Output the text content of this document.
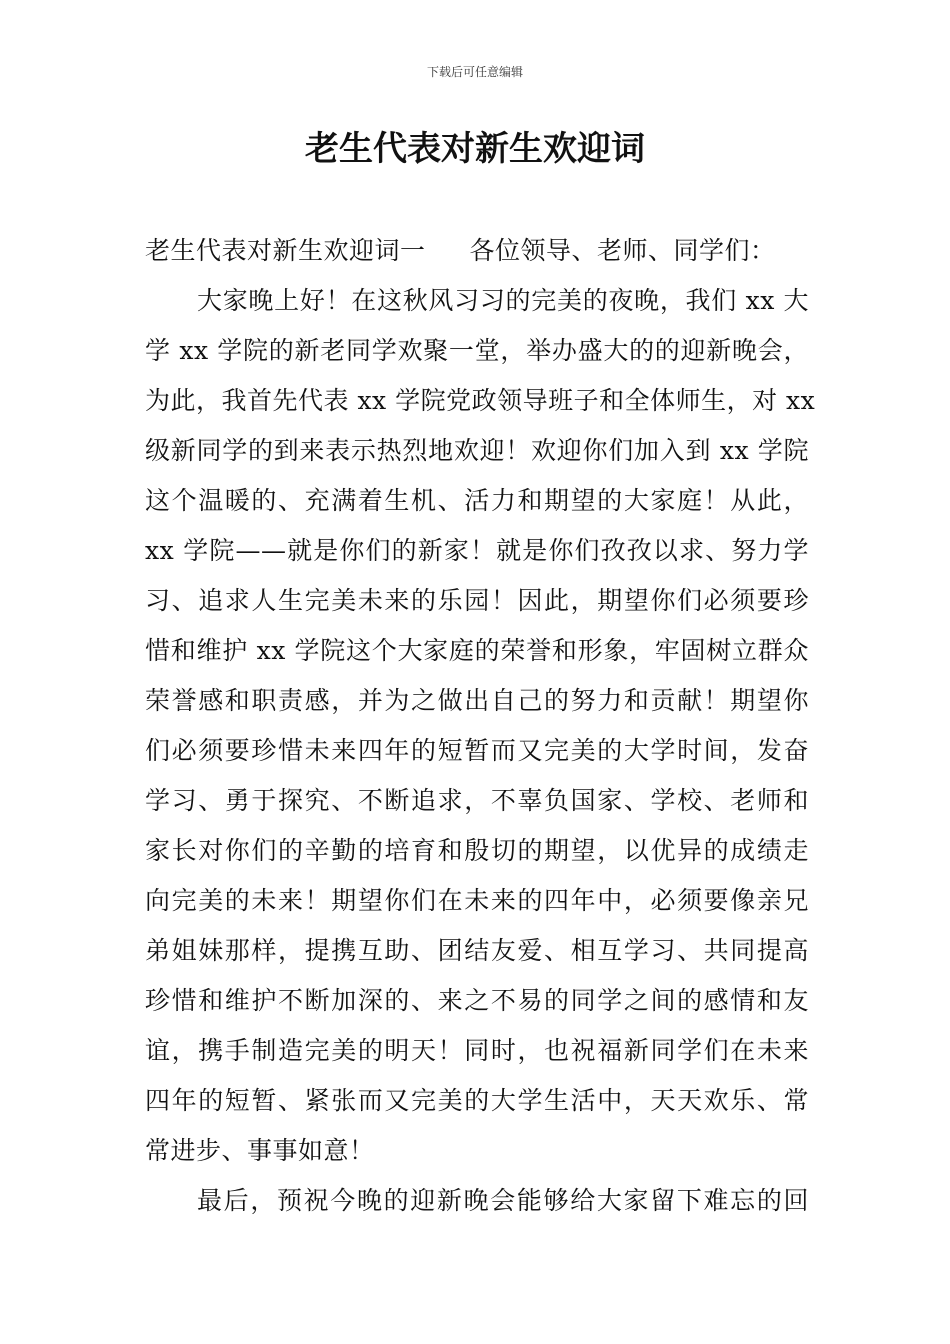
下载后可任意编辑
老生代表对新生欢迎词
老生代表对新生欢迎词一 各位领导、老师、同学们：
大家晚上好！在这秋风习习的完美的夜晚，我们 xx 大
学 xx 学院的新老同学欢聚一堂，举办盛大的的迎新晚会，
为此，我首先代表 xx 学院党政领导班子和全体师生，对 xx
级新同学的到来表示热烈地欢迎！欢迎你们加入到 xx 学院
这个温暖的、充满着生机、活力和期望的大家庭！从此，
xx 学院——就是你们的新家！就是你们孜孜以求、努力学
习、追求人生完美未来的乐园！因此，期望你们必须要珍
惜和维护 xx 学院这个大家庭的荣誉和形象，牢固树立群众
荣誉感和职责感，并为之做出自己的努力和贡献！期望你
们必须要珍惜未来四年的短暂而又完美的大学时间，发奋
学习、勇于探究、不断追求，不辜负国家、学校、老师和
家长对你们的辛勤的培育和殷切的期望，以优异的成绩走
向完美的未来！期望你们在未来的四年中，必须要像亲兄
弟姐妹那样，提携互助、团结友爱、相互学习、共同提高
珍惜和维护不断加深的、来之不易的同学之间的感情和友
谊，携手制造完美的明天！同时，也祝福新同学们在未来
四年的短暂、紧张而又完美的大学生活中，天天欢乐、常
常进步、事事如意！
最后，预祝今晚的迎新晚会能够给大家留下难忘的回
